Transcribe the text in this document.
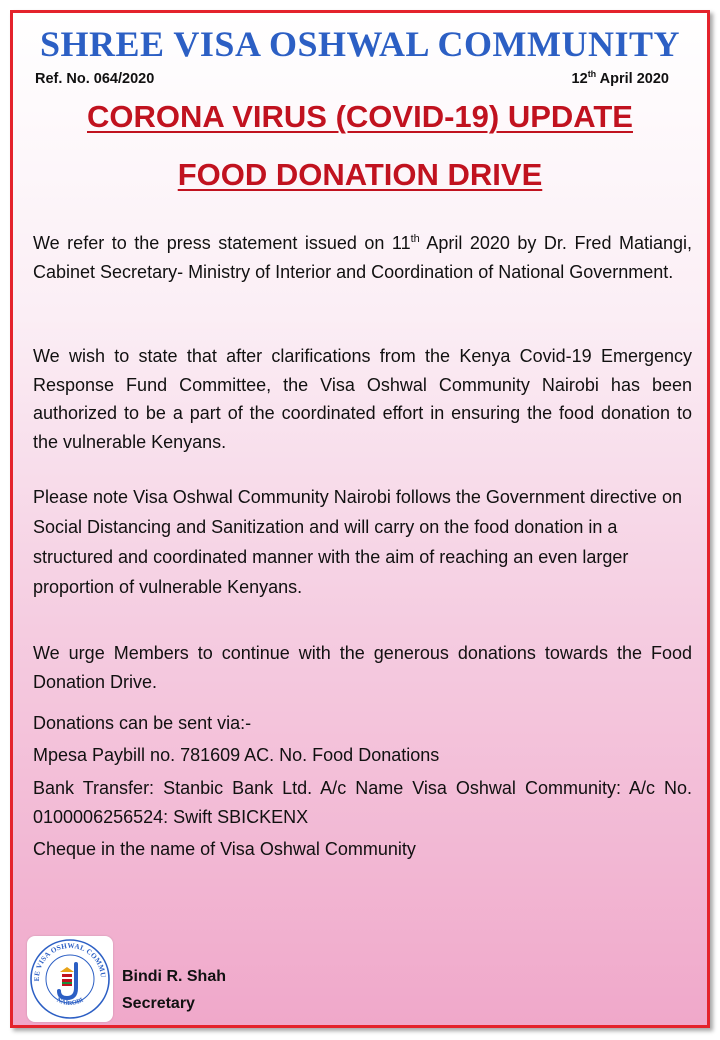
SHREE VISA OSHWAL COMMUNITY
Ref. No. 064/2020	12th April 2020
CORONA VIRUS (COVID-19) UPDATE
FOOD DONATION DRIVE

We refer to the press statement issued on 11th April 2020 by Dr. Fred Matiangi, Cabinet Secretary- Ministry of Interior and Coordination of National Government.

We wish to state that after clarifications from the Kenya Covid-19 Emergency Response Fund Committee, the Visa Oshwal Community Nairobi has been authorized to be a part of the coordinated effort in ensuring the food donation to the vulnerable Kenyans.

Please note Visa Oshwal Community Nairobi follows the Government directive on Social Distancing and Sanitization and will carry on the food donation in a structured and coordinated manner with the aim of reaching an even larger proportion of vulnerable Kenyans.

We urge Members to continue with the generous donations towards the Food Donation Drive.

Donations can be sent via:-
Mpesa Paybill no. 781609 AC. No. Food Donations
Bank Transfer: Stanbic Bank Ltd. A/c Name Visa Oshwal Community: A/c No. 0100006256524: Swift SBICKENX
Cheque in the name of Visa Oshwal Community
EE VISA OSHWAL COMMU
NAIROBI
Bindi R. Shah
Secretary
